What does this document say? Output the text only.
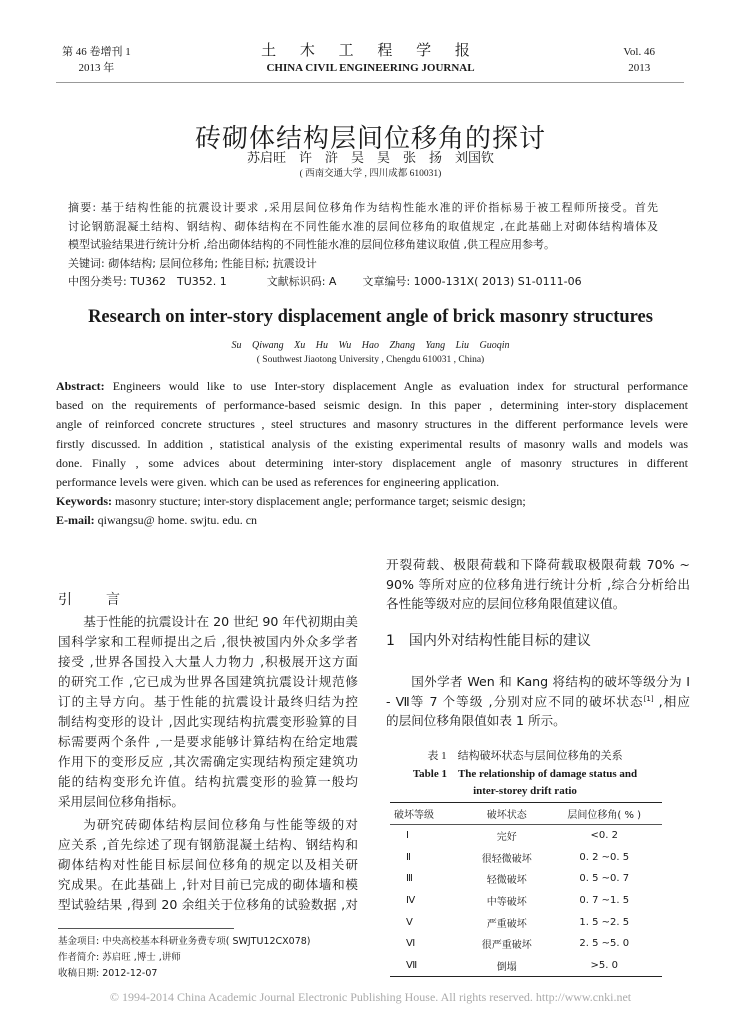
第 46 卷增刊 1
2013 年
土 木 工 程 学 报
CHINA CIVIL ENGINEERING JOURNAL
Vol. 46
2013
砖砌体结构层间位移角的探讨
苏启旺　许　浒　吴　昊　张　扬　刘国钦
( 西南交通大学 , 四川成都 610031)
摘要: 基于结构性能的抗震设计要求 ,采用层间位移角作为结构性能水准的评价指标易于被工程师所接受。首先
讨论钢筋混凝土结构、钢结构、砌体结构在不同性能水准的层间位移角的取值规定 ,在此基础上对砌体结构墙体及
模型试验结果进行统计分析 ,给出砌体结构的不同性能水准的层间位移角建议取值 ,供工程应用参考。
关键词: 砌体结构; 层间位移角; 性能目标; 抗震设计
中图分类号: TU362　TU352. 1	文献标识码: A 文章编号: 1000-131X( 2013) S1-0111-06
Research on inter-story displacement angle of brick masonry structures
Su Qiwang Xu Hu Wu Hao Zhang Yang Liu Guoqin
( Southwest Jiaotong University , Chengdu 610031 , China)
Abstract: Engineers would like to use Inter-story displacement Angle as evaluation index for structural performance
based on the requirements of performance-based seismic design. In this paper , determining inter-story displacement
angle of reinforced concrete structures , steel structures and masonry structures in the different performance levels were
firstly discussed. In addition , statistical analysis of the existing experimental results of masonry walls and models was
done. Finally , some advices about determining inter-story displacement angle of masonry structures in different
performance levels were given. which can be used as references for engineering application.
Keywords: masonry stucture; inter-story displacement angle; performance target; seismic design;
E-mail: qiwangsu@ home. swjtu. edu. cn
引 言
基于性能的抗震设计在 20 世纪 90 年代初期由美
国科学家和工程师提出之后 ,很快被国内外众多学者
接受 ,世界各国投入大量人力物力 ,积极展开这方面
的研究工作 ,它已成为世界各国建筑抗震设计规范修
订的主导方向。基于性能的抗震设计最终归结为控
制结构变形的设计 ,因此实现结构抗震变形验算的目
标需要两个条件 ,一是要求能够计算结构在给定地震
作用下的变形反应 ,其次需确定实现结构预定建筑功
能的结构变形允许值。结构抗震变形的验算一般均
采用层间位移角指标。
为研究砖砌体结构层间位移角与性能等级的对
应关系 ,首先综述了现有钢筋混凝土结构、钢结构和
砌体结构对性能目标层间位移角的规定以及相关研
究成果。在此基础上 ,针对目前已完成的砌体墙和模
型试验结果 ,得到 20 余组关于位移角的试验数据 ,对
基金项目: 中央高校基本科研业务费专项( SWJTU12CX078)
作者简介: 苏启旺 ,博士 ,讲师
收稿日期: 2012-12-07
开裂荷载、极限荷载和下降荷载取极限荷载 70% ~
90% 等所对应的位移角进行统计分析 ,综合分析给出
各性能等级对应的层间位移角限值建议值。
1　国内外对结构性能目标的建议
国外学者 Wen 和 Kang 将结构的破坏等级分为 Ⅰ
- Ⅶ等 7 个等级 ,分别对应不同的破坏状态[1] ,相应
的层间位移角限值如表 1 所示。
表 1　结构破坏状态与层间位移角的关系
Table 1　The relationship of damage status and
inter-storey drift ratio
破坏等级	破坏状态	层间位移角( % )
Ⅰ	完好	<0. 2
Ⅱ	很轻微破坏	0. 2 ~0. 5
Ⅲ	轻微破坏	0. 5 ~0. 7
Ⅳ	中等破坏	0. 7 ~1. 5
Ⅴ	严重破坏	1. 5 ~2. 5
Ⅵ	很严重破坏	2. 5 ~5. 0
Ⅶ	倒塌	>5. 0
© 1994-2014 China Academic Journal Electronic Publishing House. All rights reserved. http://www.cnki.net
